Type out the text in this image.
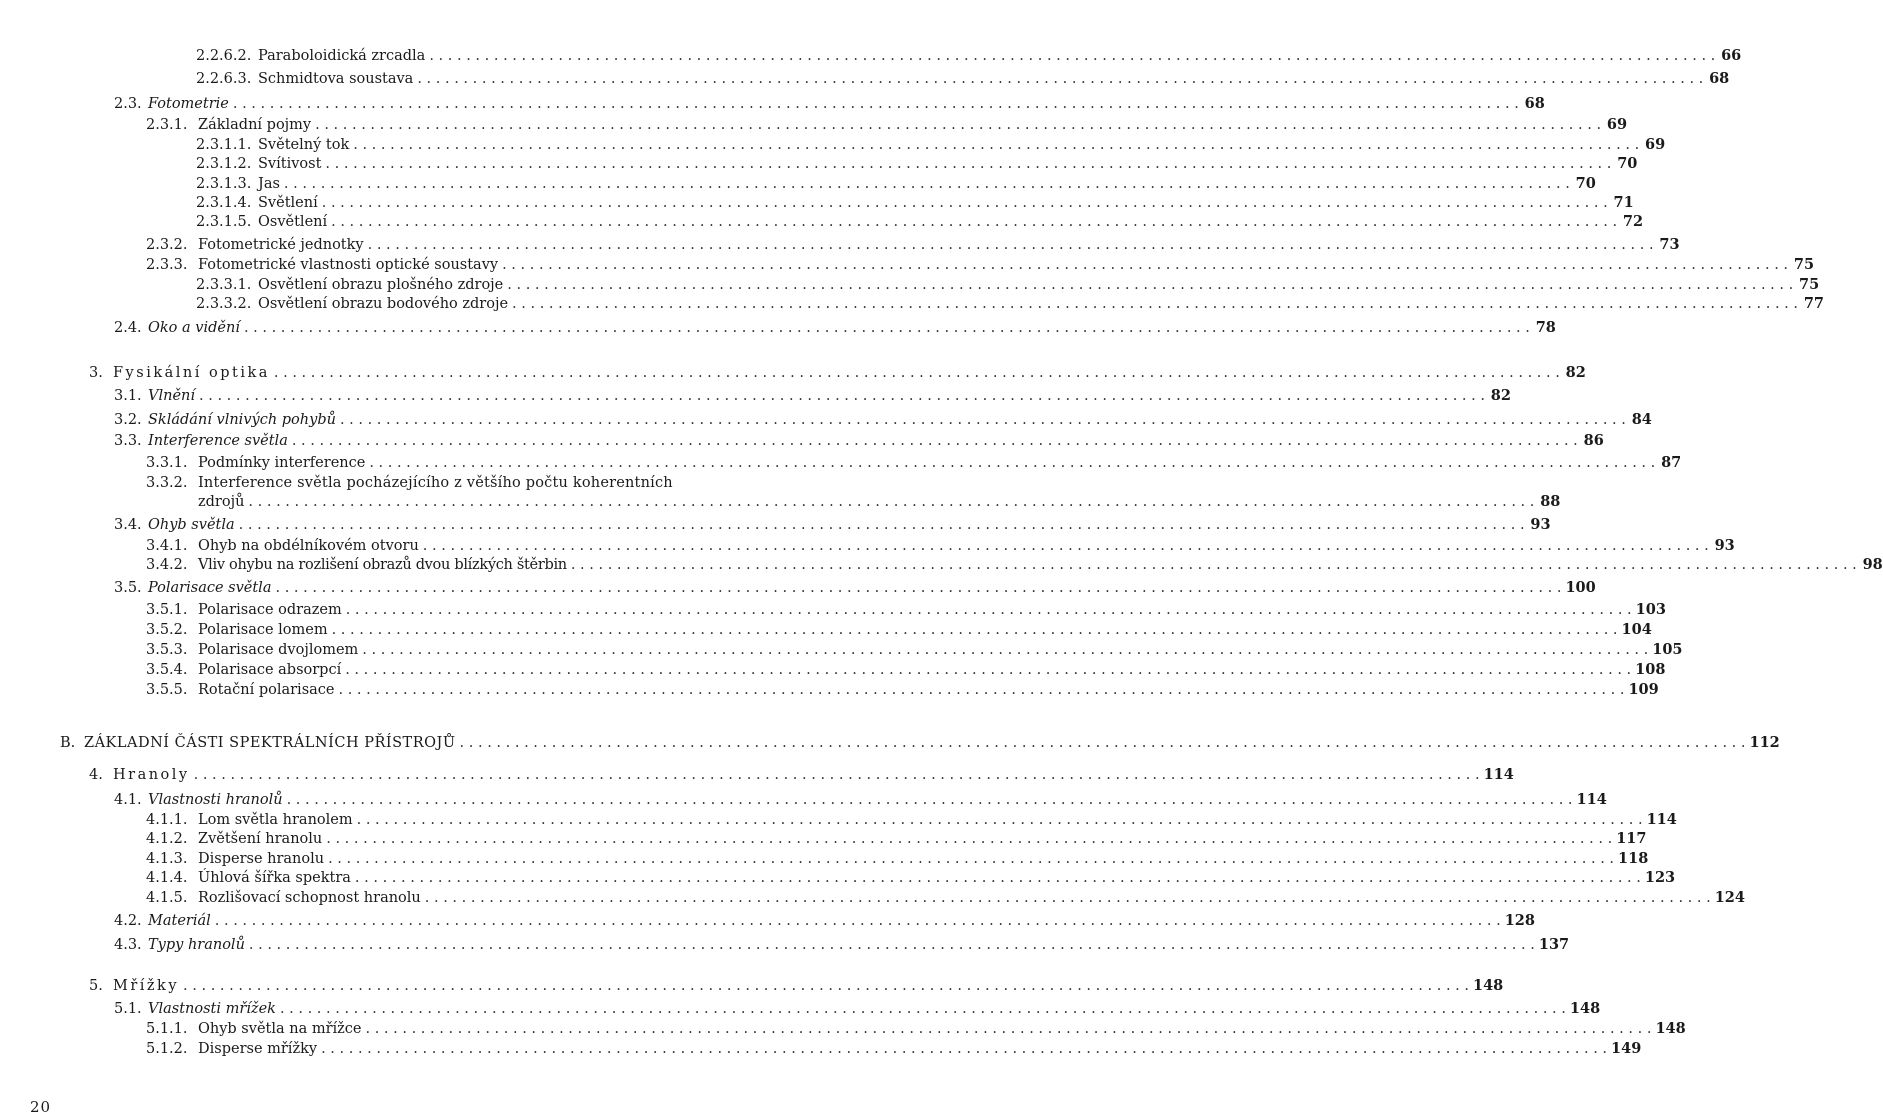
2.2.6.2. Paraboloidická zrcadla . . .	66
2.2.6.3. Schmidtova soustava . . .	68
2.3. Fotometrie . . .	68
2.3.1. Základní pojmy . . .	69
2.3.1.1. Světelný tok . . .	69
2.3.1.2. Svítivost . . .	70
2.3.1.3. Jas . . .	70
2.3.1.4. Světlení . . .	71
2.3.1.5. Osvětlení . . .	72
2.3.2. Fotometrické jednotky . . .	73
2.3.3. Fotometrické vlastnosti optické soustavy . . .	75
2.3.3.1. Osvětlení obrazu plošného zdroje . . .	75
2.3.3.2. Osvětlení obrazu bodového zdroje . . .	77
2.4. Oko a vidění . . .	78
3. Fysikální optika . . .	82
3.1. Vlnění . . .	82
3.2. Skládání vlnivých pohybů . . .	84
3.3. Interference světla . . .	86
3.3.1. Podmínky interference . . .	87
3.3.2. Interference světla pocházejícího z většího počtu koherentních
zdrojů . . .	88
3.4. Ohyb světla . . .	93
3.4.1. Ohyb na obdélníkovém otvoru . . .	93
3.4.2. Vliv ohybu na rozlišení obrazů dvou blízkých štěrbin . . .	98
3.5. Polarisace světla . . .	100
3.5.1. Polarisace odrazem . . .	103
3.5.2. Polarisace lomem . . .	104
3.5.3. Polarisace dvojlomem . . .	105
3.5.4. Polarisace absorpcí . . .	108
3.5.5. Rotační polarisace . . .	109
B. ZÁKLADNÍ ČÁSTI SPEKTRÁLNÍCH PŘÍSTROJŮ . . .	112
4. Hranoly . . .	114
4.1. Vlastnosti hranolů . . .	114
4.1.1. Lom světla hranolem . . .	114
4.1.2. Zvětšení hranolu . . .	117
4.1.3. Disperse hranolu . . .	118
4.1.4. Úhlová šířka spektra . . .	123
4.1.5. Rozlišovací schopnost hranolu . . .	124
4.2. Materiál . . .	128
4.3. Typy hranolů . . .	137
5. Mřížky . . .	148
5.1. Vlastnosti mřížek . . .	148
5.1.1. Ohyb světla na mřížce . . .	148
5.1.2. Disperse mřížky . . .	149
20
